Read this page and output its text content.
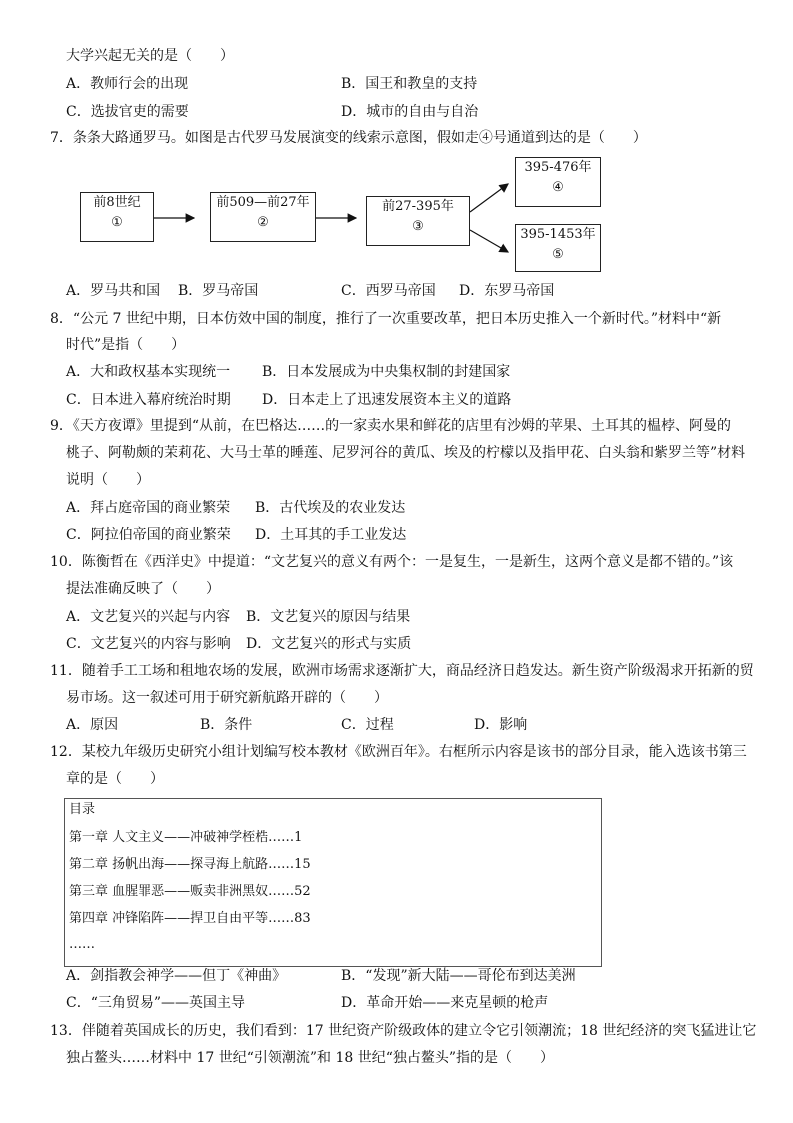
大学兴起无关的是（　　）
A．教师行会的出现	B．国王和教皇的支持
C．选拔官吏的需要	D．城市的自由与自治
7．条条大路通罗马。如图是古代罗马发展演变的线索示意图，假如走④号通道到达的是（　　）
前8世纪
①
前509—前27年
②
前27-395年
③
395-476年
④
395-1453年
⑤
A．罗马共和国 B．罗马帝国	C．西罗马帝国 D．东罗马帝国
8．“公元 7 世纪中期，日本仿效中国的制度，推行了一次重要改革，把日本历史推入一个新时代。”材料中“新
时代”是指（　　）
A．大和政权基本实现统一 B．日本发展成为中央集权制的封建国家
C．日本进入幕府统治时期 D．日本走上了迅速发展资本主义的道路
9．《天方夜谭》里提到“从前，在巴格达……的一家卖水果和鲜花的店里有沙姆的苹果、土耳其的榅桲、阿曼的
桃子、阿勒颇的茉莉花、大马士革的睡莲、尼罗河谷的黄瓜、埃及的柠檬以及指甲花、白头翁和紫罗兰等”材料
说明（　　）
A．拜占庭帝国的商业繁荣 B．古代埃及的农业发达
C．阿拉伯帝国的商业繁荣 D．土耳其的手工业发达
10．陈衡哲在《西洋史》中提道：“文艺复兴的意义有两个：一是复生，一是新生，这两个意义是都不错的。”该
提法准确反映了（　　）
A．文艺复兴的兴起与内容 B．文艺复兴的原因与结果
C．文艺复兴的内容与影响 D．文艺复兴的形式与实质
11．随着手工工场和租地农场的发展，欧洲市场需求逐渐扩大，商品经济日趋发达。新生资产阶级渴求开拓新的贸
易市场。这一叙述可用于研究新航路开辟的（　　）
A．原因	B．条件	C．过程	D．影响
12．某校九年级历史研究小组计划编写校本教材《欧洲百年》。右框所示内容是该书的部分目录，能入选该书第三
章的是（　　）
目录
第一章 人文主义——冲破神学桎梏……1
第二章 扬帆出海——探寻海上航路……15
第三章 血腥罪恶——贩卖非洲黑奴……52
第四章 冲锋陷阵——捍卫自由平等……83
……
A．剑指教会神学——但丁《神曲》	B．“发现”新大陆——哥伦布到达美洲
C．“三角贸易”——英国主导	D．革命开始——来克星顿的枪声
13．伴随着英国成长的历史，我们看到：17 世纪资产阶级政体的建立令它引领潮流；18 世纪经济的突飞猛进让它
独占鳌头……材料中 17 世纪“引领潮流”和 18 世纪“独占鳌头”指的是（　　）
